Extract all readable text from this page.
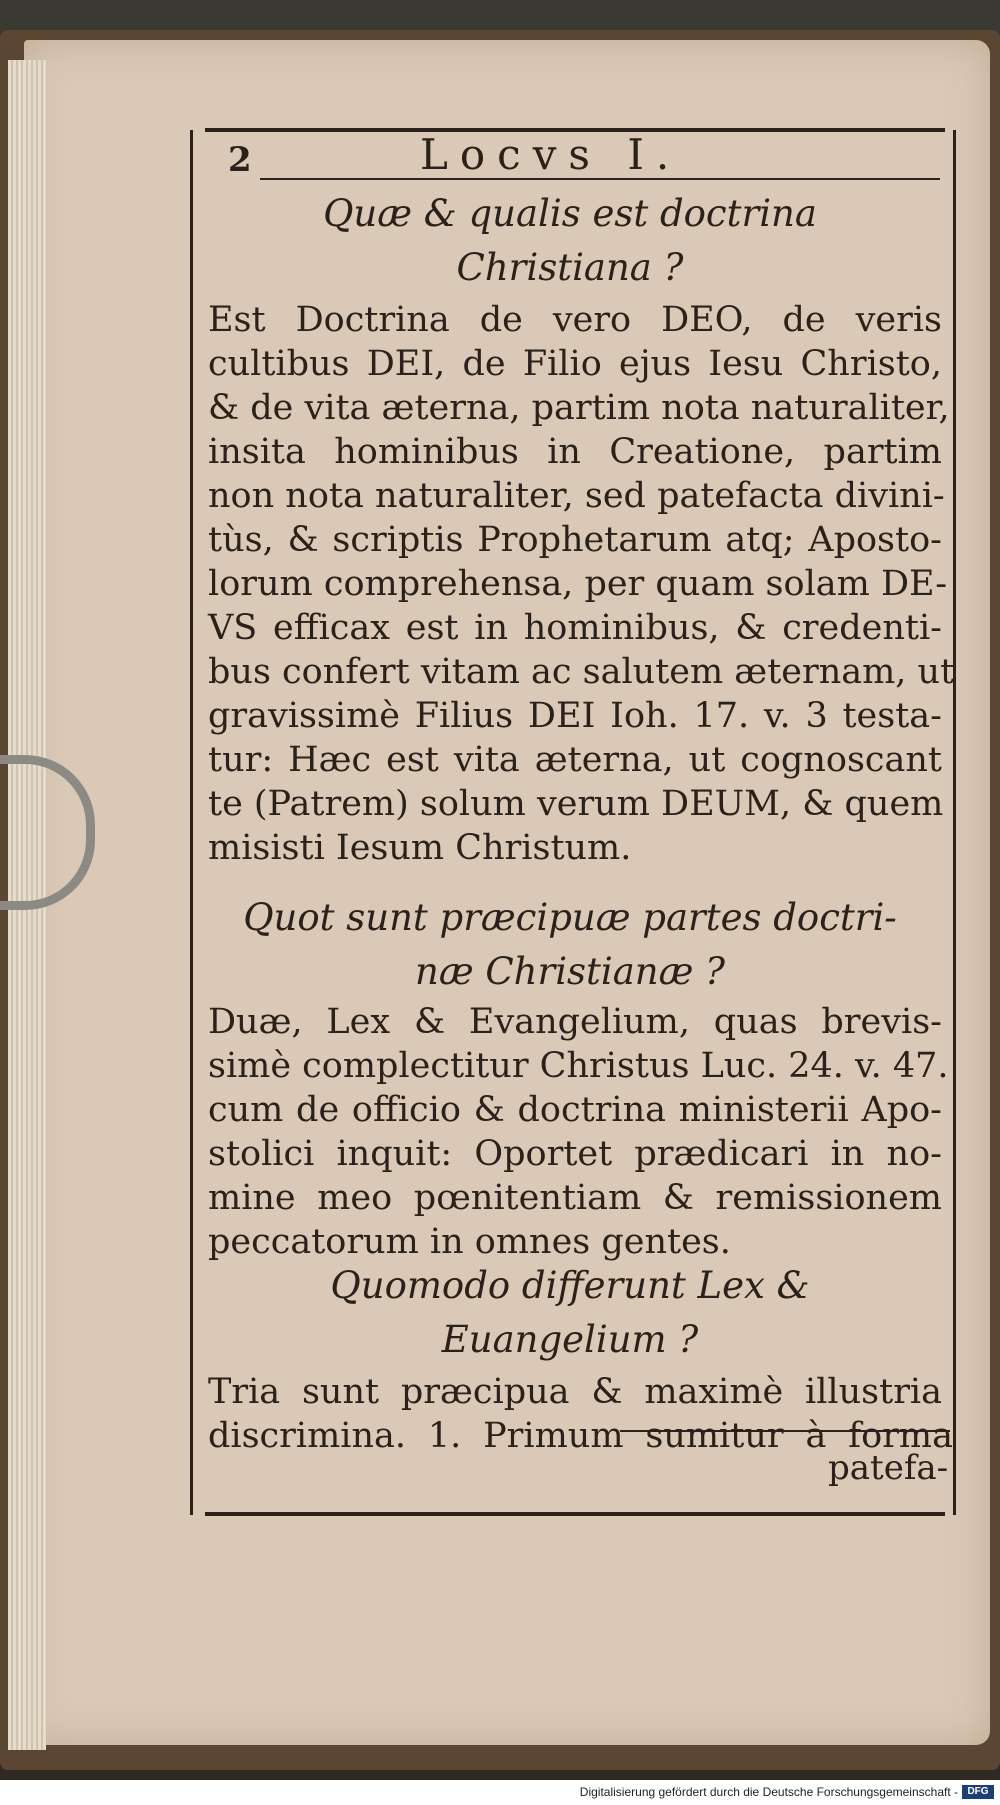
2	Locvs I.
Quæ & qualis est doctrina
Christiana ?
Est Doctrina de vero DEO, de veris
cultibus DEI, de Filio ejus Iesu Christo,
& de vita æterna, partim nota naturaliter,
insita hominibus in Creatione, partim
non nota naturaliter, sed patefacta divini-
tùs, & scriptis Prophetarum atq; Aposto-
lorum comprehensa, per quam solam DE-
VS efficax est in hominibus, & credenti-
bus confert vitam ac salutem æternam, ut
gravissimè Filius DEI Ioh. 17. v. 3 testa-
tur: Hæc est vita æterna, ut cognoscant
te (Patrem) solum verum DEUM, & quem
misisti Iesum Christum.
Quot sunt præcipuæ partes doctri-
næ Christianæ ?
Duæ, Lex & Evangelium, quas brevis-
simè complectitur Christus Luc. 24. v. 47.
cum de officio & doctrina ministerii Apo-
stolici inquit: Oportet prædicari in no-
mine meo pœnitentiam & remissionem
peccatorum in omnes gentes.
Quomodo differunt Lex &
Euangelium ?
Tria sunt præcipua & maximè illustria
discrimina. 1. Primum sumitur à forma
patefa-
Digitalisierung gefördert durch die Deutsche Forschungsgemeinschaft - DFG
